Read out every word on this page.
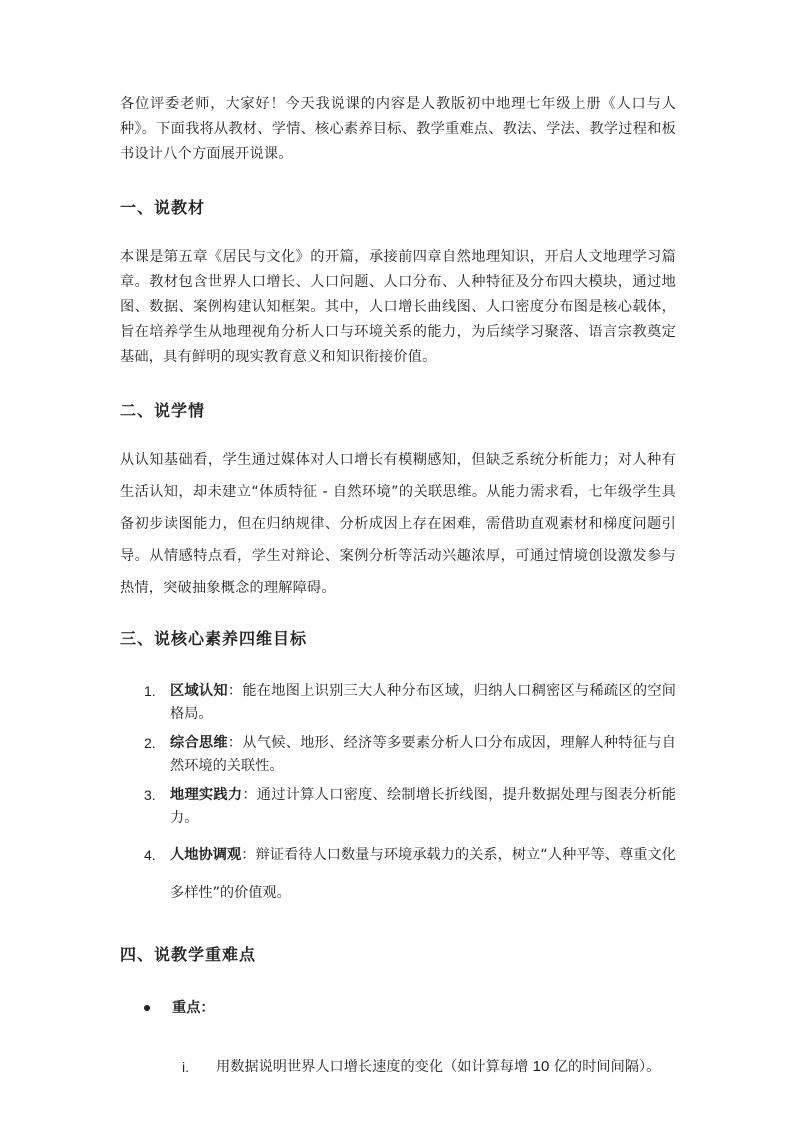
各位评委老师，大家好！今天我说课的内容是人教版初中地理七年级上册《人口与人种》。下面我将从教材、学情、核心素养目标、教学重难点、教法、学法、教学过程和板书设计八个方面展开说课。

一、说教材

本课是第五章《居民与文化》的开篇，承接前四章自然地理知识，开启人文地理学习篇章。教材包含世界人口增长、人口问题、人口分布、人种特征及分布四大模块，通过地图、数据、案例构建认知框架。其中，人口增长曲线图、人口密度分布图是核心载体，旨在培养学生从地理视角分析人口与环境关系的能力，为后续学习聚落、语言宗教奠定基础，具有鲜明的现实教育意义和知识衔接价值。

二、说学情

从认知基础看，学生通过媒体对人口增长有模糊感知，但缺乏系统分析能力；对人种有生活认知，却未建立“体质特征 - 自然环境”的关联思维。从能力需求看，七年级学生具备初步读图能力，但在归纳规律、分析成因上存在困难，需借助直观素材和梯度问题引导。从情感特点看，学生对辩论、案例分析等活动兴趣浓厚，可通过情境创设激发参与热情，突破抽象概念的理解障碍。

三、说核心素养四维目标
1. 区域认知：能在地图上识别三大人种分布区域，归纳人口稠密区与稀疏区的空间格局。
2. 综合思维：从气候、地形、经济等多要素分析人口分布成因，理解人种特征与自然环境的关联性。
3. 地理实践力：通过计算人口密度、绘制增长折线图，提升数据处理与图表分析能力。
4. 人地协调观：辩证看待人口数量与环境承载力的关系，树立“人种平等、尊重文化多样性”的价值观。
四、说教学重难点
重点：
i. 用数据说明世界人口增长速度的变化（如计算每增 10 亿的时间间隔）。
